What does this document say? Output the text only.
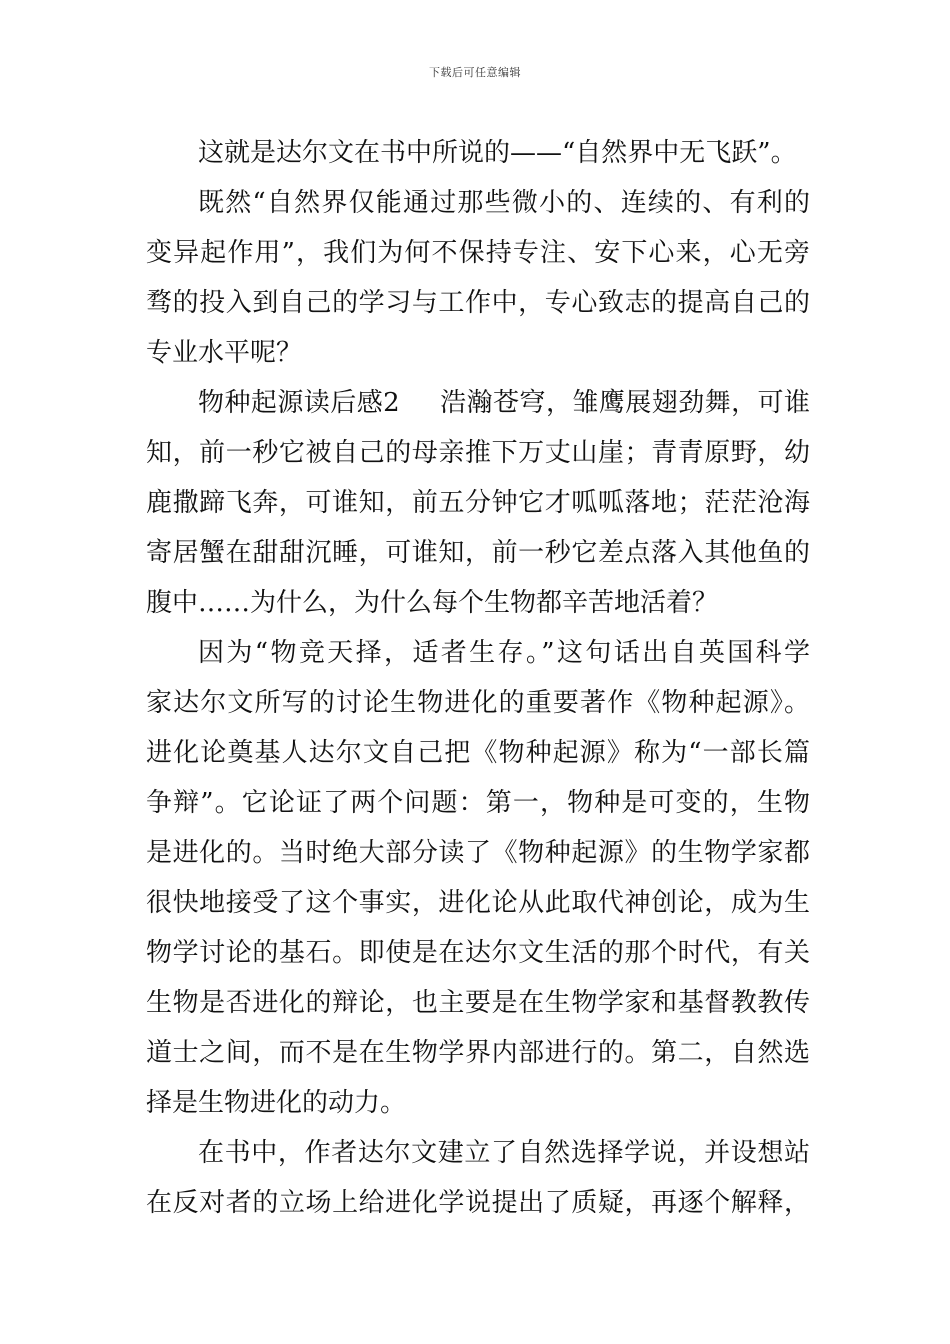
下载后可任意编辑
这就是达尔文在书中所说的——“自然界中无飞跃”。
既然“自然界仅能通过那些微小的、连续的、有利的
变异起作用”，我们为何不保持专注、安下心来，心无旁
骛的投入到自己的学习与工作中，专心致志的提高自己的
专业水平呢？
物种起源读后感2 浩瀚苍穹，雏鹰展翅劲舞，可谁
知，前一秒它被自己的母亲推下万丈山崖；青青原野，幼
鹿撒蹄飞奔，可谁知，前五分钟它才呱呱落地；茫茫沧海
寄居蟹在甜甜沉睡，可谁知，前一秒它差点落入其他鱼的
腹中……为什么，为什么每个生物都辛苦地活着？
因为“物竞天择，适者生存。”这句话出自英国科学
家达尔文所写的讨论生物进化的重要著作《物种起源》。
进化论奠基人达尔文自己把《物种起源》称为“一部长篇
争辩”。它论证了两个问题：第一，物种是可变的，生物
是进化的。当时绝大部分读了《物种起源》的生物学家都
很快地接受了这个事实，进化论从此取代神创论，成为生
物学讨论的基石。即使是在达尔文生活的那个时代，有关
生物是否进化的辩论，也主要是在生物学家和基督教教传
道士之间，而不是在生物学界内部进行的。第二，自然选
择是生物进化的动力。
在书中，作者达尔文建立了自然选择学说，并设想站
在反对者的立场上给进化学说提出了质疑，再逐个解释，
